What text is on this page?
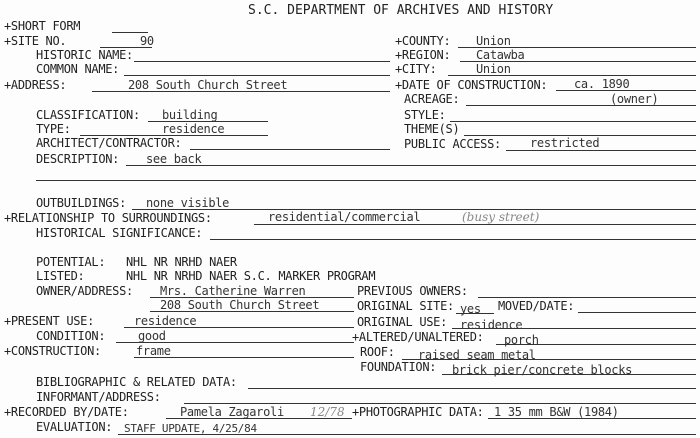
S.C. DEPARTMENT OF ARCHIVES AND HISTORY
+SHORT FORM
+SITE NO.	90	+COUNTY: Union
HISTORIC NAME:	+REGION: Catawba
COMMON NAME:	+CITY:	Union
+ADDRESS:	208 South Church Street	+DATE OF CONSTRUCTION: ca. 1890
ACREAGE:	(owner)
CLASSIFICATION: building	STYLE:
TYPE:	residence	THEME(S)
ARCHITECT/CONTRACTOR:	PUBLIC ACCESS: restricted
DESCRIPTION: see back
OUTBUILDINGS: none visible
+RELATIONSHIP TO SURROUNDINGS:	residential/commercial	(busy street)
HISTORICAL SIGNIFICANCE:
POTENTIAL: NHL NR NRHD NAER
LISTED:	NHL NR NRHD NAER S.C. MARKER PROGRAM
OWNER/ADDRESS: Mrs. Catherine Warren	PREVIOUS OWNERS:
208 South Church Street	ORIGINAL SITE: yes MOVED/DATE:
+PRESENT USE:	residence	ORIGINAL USE: residence
CONDITION:	good	+ALTERED/UNALTERED: porch
+CONSTRUCTION:	frame	ROOF: raised seam metal
FOUNDATION: brick pier/concrete blocks
BIBLIOGRAPHIC & RELATED DATA:
INFORMANT/ADDRESS:
+RECORDED BY/DATE:	Pamela Zagaroli 12/78 +PHOTOGRAPHIC DATA: 1 35 mm B&W (1984)
EVALUATION: STAFF UPDATE, 4/25/84
